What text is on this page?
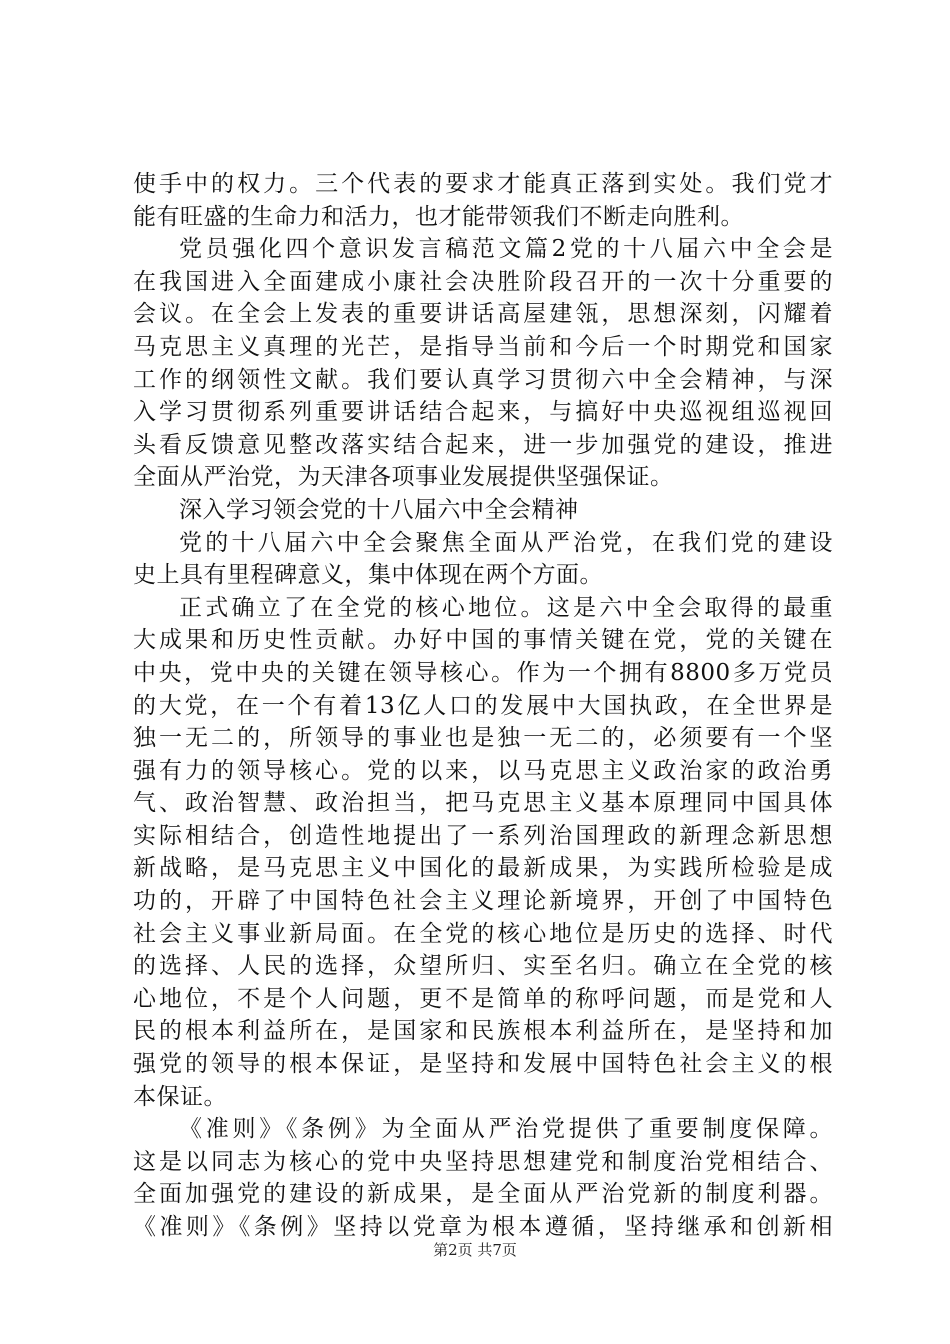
使手中的权力。三个代表的要求才能真正落到实处。我们党才
能有旺盛的生命力和活力，也才能带领我们不断走向胜利。
党员强化四个意识发言稿范文篇2党的十八届六中全会是
在我国进入全面建成小康社会决胜阶段召开的一次十分重要的
会议。在全会上发表的重要讲话高屋建瓴，思想深刻，闪耀着
马克思主义真理的光芒，是指导当前和今后一个时期党和国家
工作的纲领性文献。我们要认真学习贯彻六中全会精神，与深
入学习贯彻系列重要讲话结合起来，与搞好中央巡视组巡视回
头看反馈意见整改落实结合起来，进一步加强党的建设，推进
全面从严治党，为天津各项事业发展提供坚强保证。
深入学习领会党的十八届六中全会精神
党的十八届六中全会聚焦全面从严治党，在我们党的建设
史上具有里程碑意义，集中体现在两个方面。
正式确立了在全党的核心地位。这是六中全会取得的最重
大成果和历史性贡献。办好中国的事情关键在党，党的关键在
中央，党中央的关键在领导核心。作为一个拥有8800多万党员
的大党，在一个有着13亿人口的发展中大国执政，在全世界是
独一无二的，所领导的事业也是独一无二的，必须要有一个坚
强有力的领导核心。党的以来，以马克思主义政治家的政治勇
气、政治智慧、政治担当，把马克思主义基本原理同中国具体
实际相结合，创造性地提出了一系列治国理政的新理念新思想
新战略，是马克思主义中国化的最新成果，为实践所检验是成
功的，开辟了中国特色社会主义理论新境界，开创了中国特色
社会主义事业新局面。在全党的核心地位是历史的选择、时代
的选择、人民的选择，众望所归、实至名归。确立在全党的核
心地位，不是个人问题，更不是简单的称呼问题，而是党和人
民的根本利益所在，是国家和民族根本利益所在，是坚持和加
强党的领导的根本保证，是坚持和发展中国特色社会主义的根
本保证。
《准则》《条例》为全面从严治党提供了重要制度保障。
这是以同志为核心的党中央坚持思想建党和制度治党相结合、
全面加强党的建设的新成果，是全面从严治党新的制度利器。
《准则》《条例》坚持以党章为根本遵循，坚持继承和创新相
第2页 共7页
